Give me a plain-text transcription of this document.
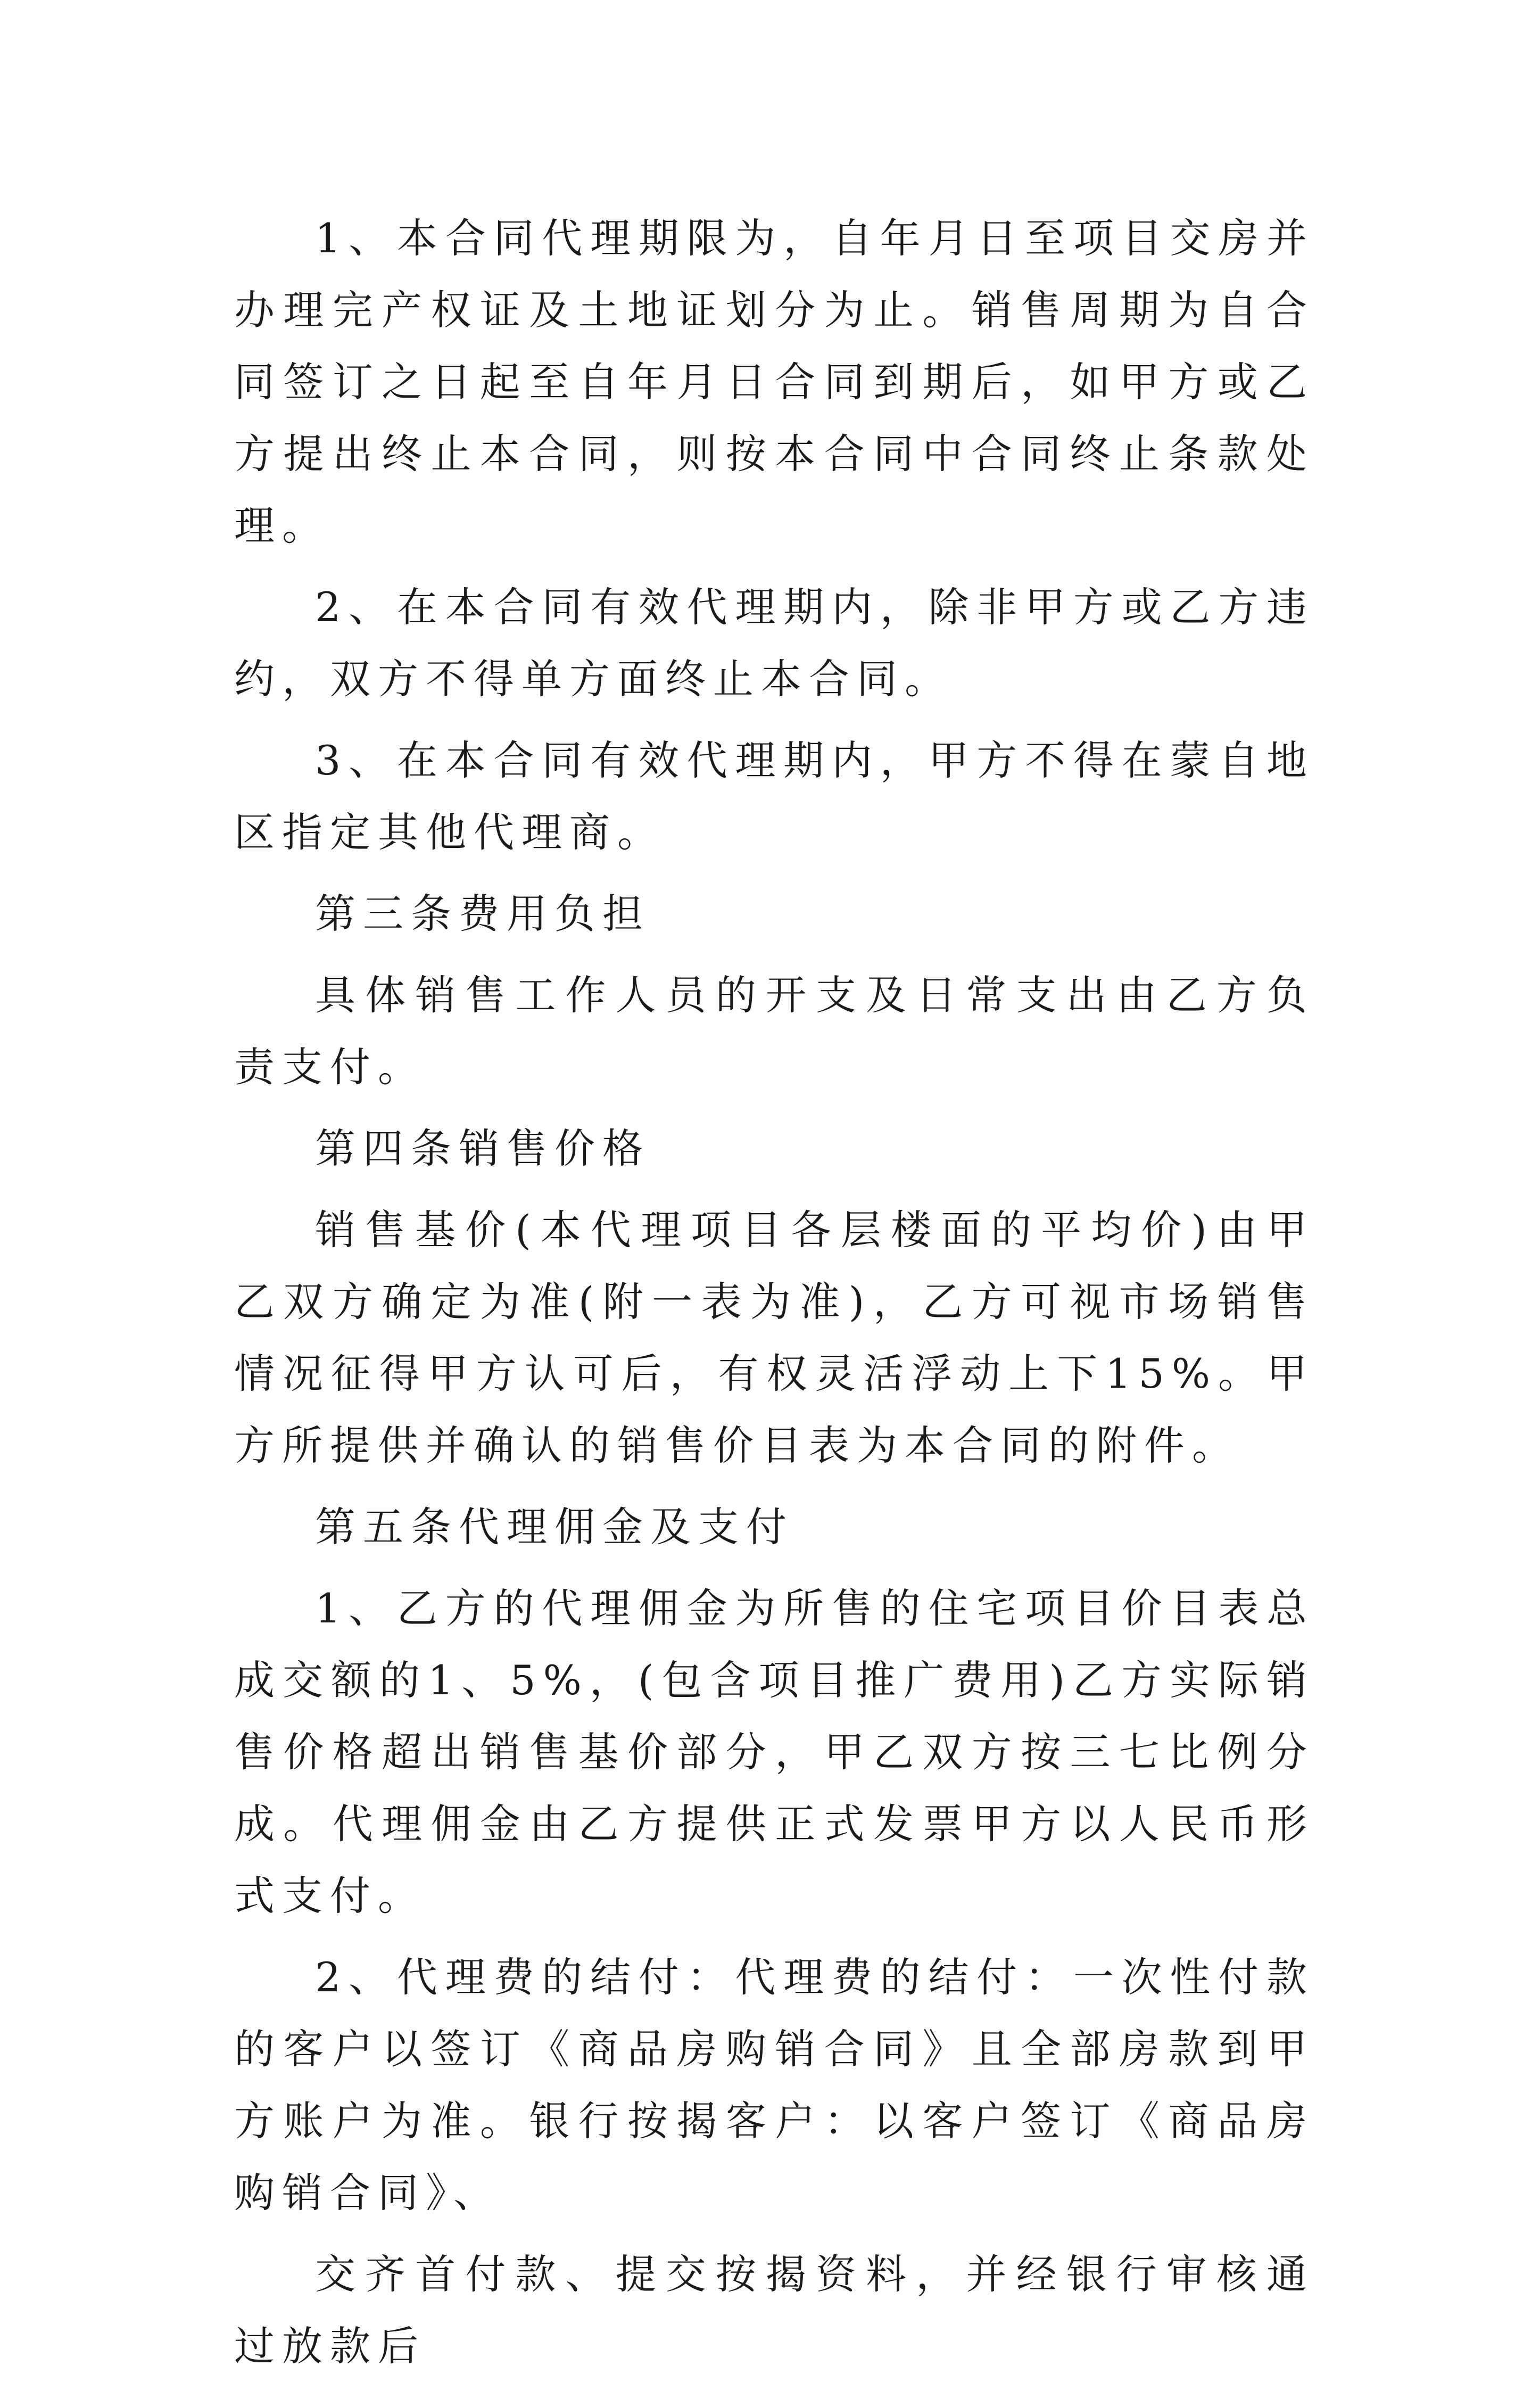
1、本合同代理期限为，自年月日至项目交房并办理完产权证及土地证划分为止。销售周期为自合同签订之日起至自年月日合同到期后，如甲方或乙方提出终止本合同，则按本合同中合同终止条款处理。

2、在本合同有效代理期内，除非甲方或乙方违约，双方不得单方面终止本合同。

3、在本合同有效代理期内，甲方不得在蒙自地区指定其他代理商。

第三条费用负担

具体销售工作人员的开支及日常支出由乙方负责支付。

第四条销售价格

销售基价(本代理项目各层楼面的平均价)由甲乙双方确定为准(附一表为准)，乙方可视市场销售情况征得甲方认可后，有权灵活浮动上下15%。甲方所提供并确认的销售价目表为本合同的附件。

第五条代理佣金及支付

1、乙方的代理佣金为所售的住宅项目价目表总成交额的1、5%，(包含项目推广费用)乙方实际销售价格超出销售基价部分，甲乙双方按三七比例分成。代理佣金由乙方提供正式发票甲方以人民币形式支付。

2、代理费的结付：代理费的结付：一次性付款的客户以签订《商品房购销合同》且全部房款到甲方账户为准。银行按揭客户：以客户签订《商品房购销合同》、

交齐首付款、提交按揭资料，并经银行审核通过放款后
